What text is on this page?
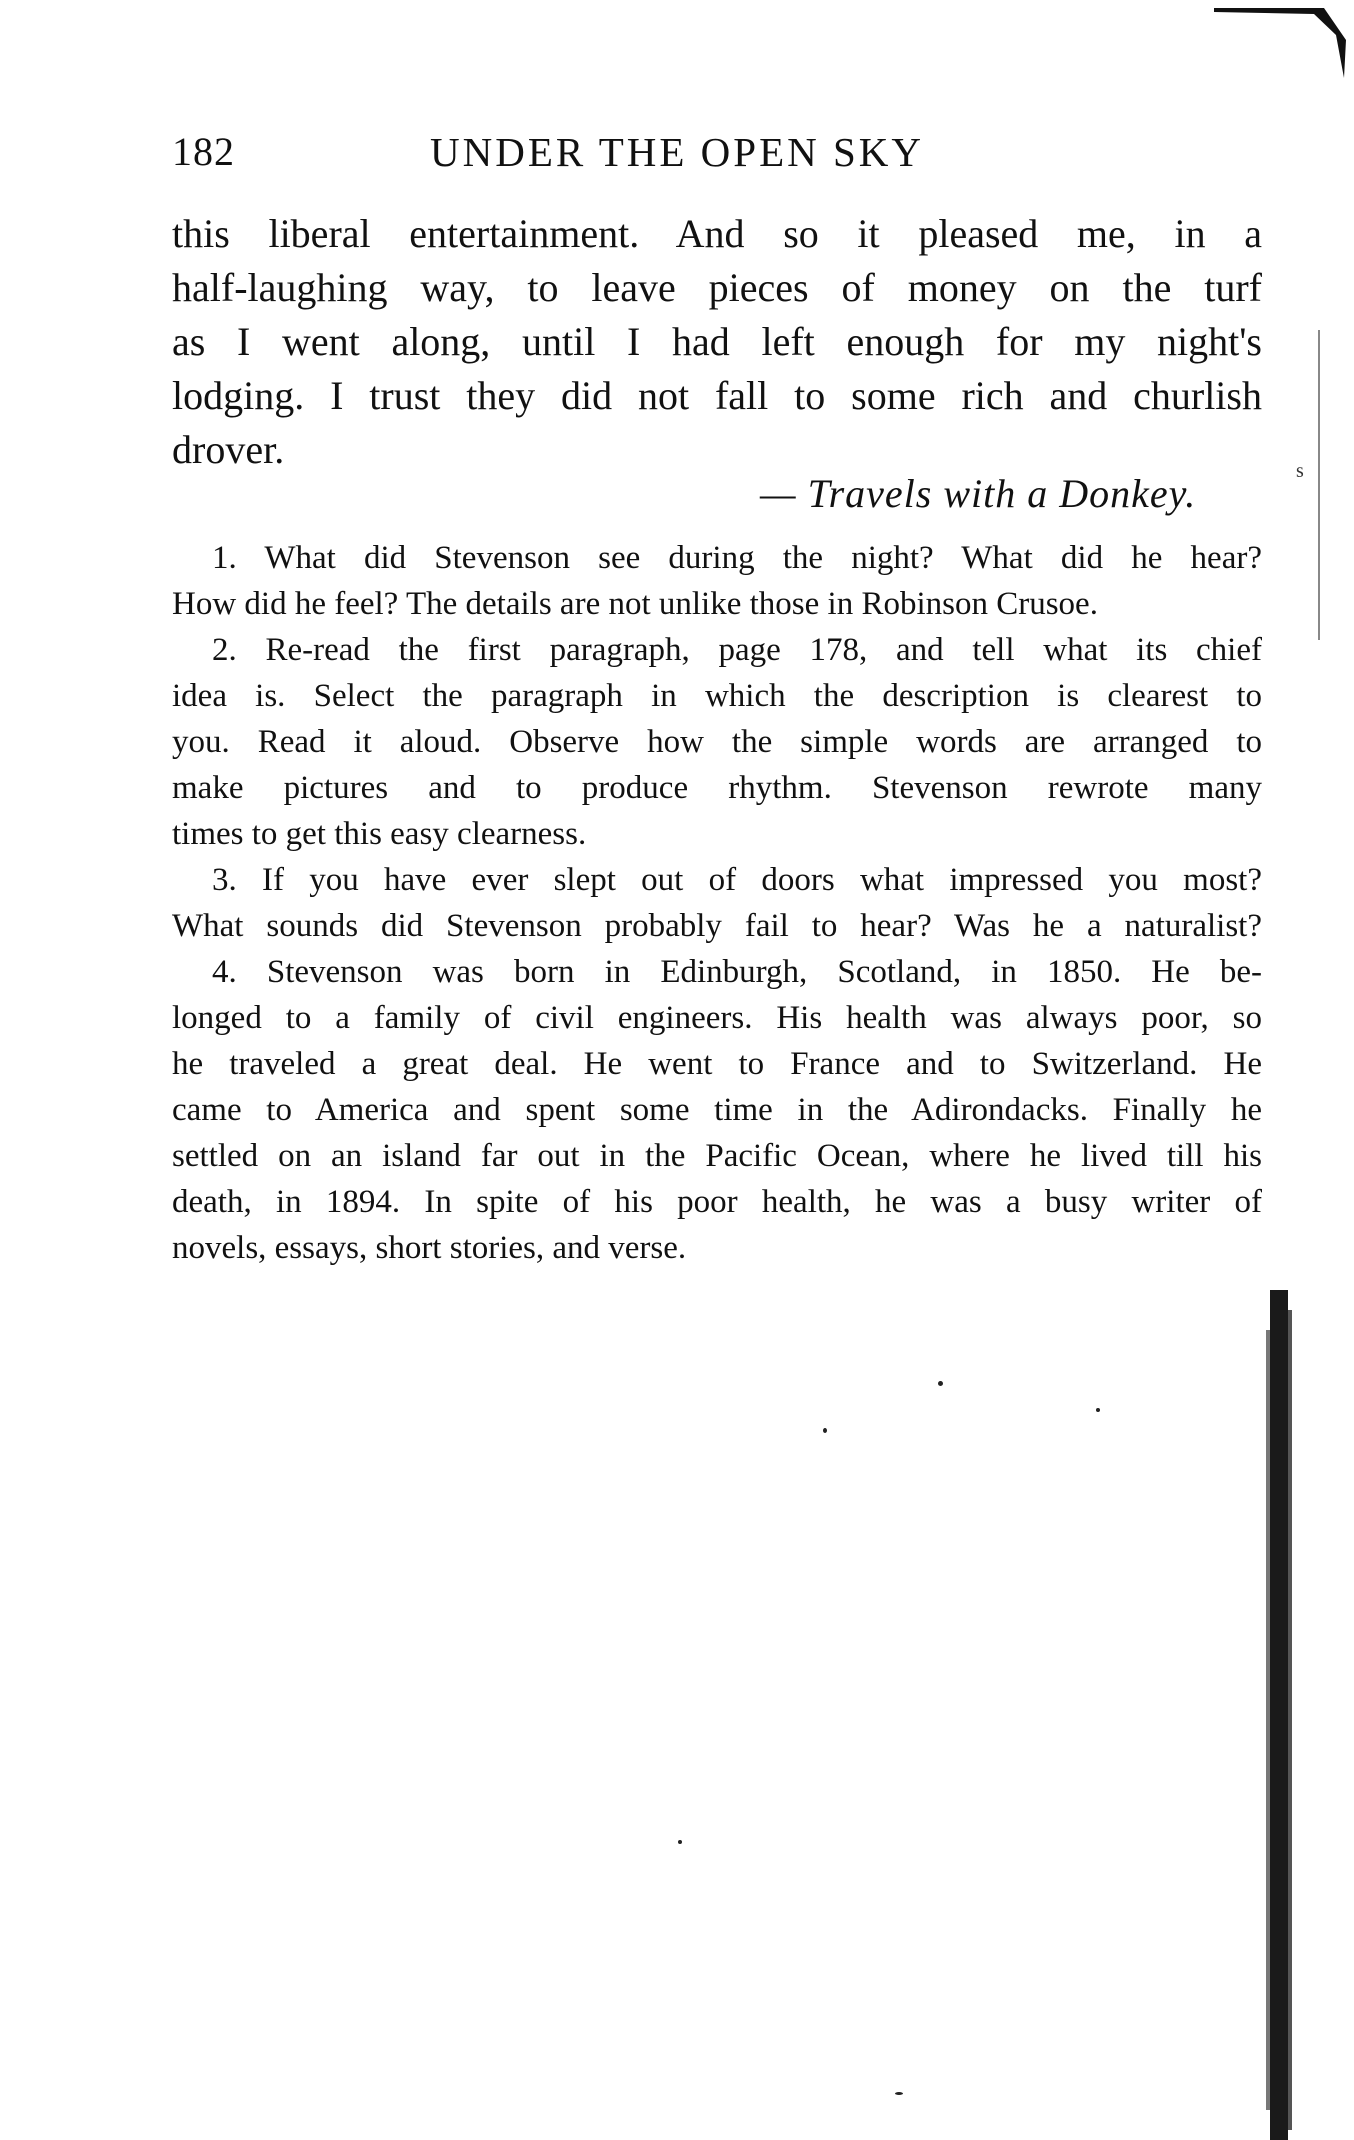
182	UNDER THE OPEN SKY
this liberal entertainment. And so it pleased me, in a
half-laughing way, to leave pieces of money on the turf
as I went along, until I had left enough for my night's
lodging. I trust they did not fall to some rich and churlish
drover.
— Travels with a Donkey.
1. What did Stevenson see during the night? What did he hear?
How did he feel? The details are not unlike those in Robinson Crusoe.
2. Re-read the first paragraph, page 178, and tell what its chief
idea is. Select the paragraph in which the description is clearest to
you. Read it aloud. Observe how the simple words are arranged to
make pictures and to produce rhythm. Stevenson rewrote many
times to get this easy clearness.
3. If you have ever slept out of doors what impressed you most?
What sounds did Stevenson probably fail to hear? Was he a naturalist?
4. Stevenson was born in Edinburgh, Scotland, in 1850. He be-
longed to a family of civil engineers. His health was always poor, so
he traveled a great deal. He went to France and to Switzerland. He
came to America and spent some time in the Adirondacks. Finally he
settled on an island far out in the Pacific Ocean, where he lived till his
death, in 1894. In spite of his poor health, he was a busy writer of
novels, essays, short stories, and verse.
s
